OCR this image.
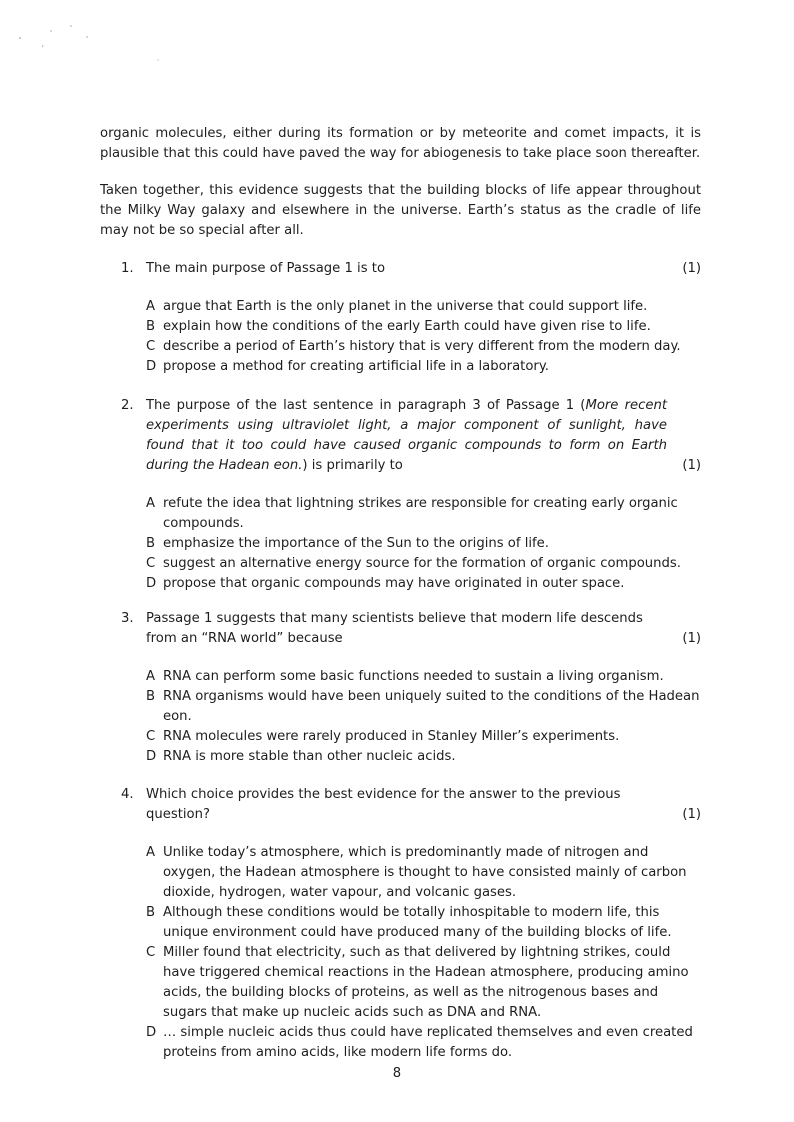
organic molecules, either during its formation or by meteorite and comet impacts, it is plausible that this could have paved the way for abiogenesis to take place soon thereafter.

Taken together, this evidence suggests that the building blocks of life appear throughout the Milky Way galaxy and elsewhere in the universe. Earth’s status as the cradle of life may not be so special after all.

1. The main purpose of Passage 1 is to	(1)
A argue that Earth is the only planet in the universe that could support life.
B explain how the conditions of the early Earth could have given rise to life.
C describe a period of Earth’s history that is very different from the modern day.
D propose a method for creating artificial life in a laboratory.
2. The purpose of the last sentence in paragraph 3 of Passage 1 (More recent experiments using ultraviolet light, a major component of sunlight, have found that it too could have caused organic compounds to form on Earth during the Hadean eon.) is primarily to	(1)
A refute the idea that lightning strikes are responsible for creating early organic compounds.
B emphasize the importance of the Sun to the origins of life.
C suggest an alternative energy source for the formation of organic compounds.
D propose that organic compounds may have originated in outer space.
3. Passage 1 suggests that many scientists believe that modern life descends from an “RNA world” because	(1)
A RNA can perform some basic functions needed to sustain a living organism.
B RNA organisms would have been uniquely suited to the conditions of the Hadean eon.
C RNA molecules were rarely produced in Stanley Miller’s experiments.
D RNA is more stable than other nucleic acids.
4. Which choice provides the best evidence for the answer to the previous question?	(1)
A Unlike today’s atmosphere, which is predominantly made of nitrogen and oxygen, the Hadean atmosphere is thought to have consisted mainly of carbon dioxide, hydrogen, water vapour, and volcanic gases.
B Although these conditions would be totally inhospitable to modern life, this unique environment could have produced many of the building blocks of life.
C Miller found that electricity, such as that delivered by lightning strikes, could have triggered chemical reactions in the Hadean atmosphere, producing amino acids, the building blocks of proteins, as well as the nitrogenous bases and sugars that make up nucleic acids such as DNA and RNA.
D … simple nucleic acids thus could have replicated themselves and even created proteins from amino acids, like modern life forms do.
8
